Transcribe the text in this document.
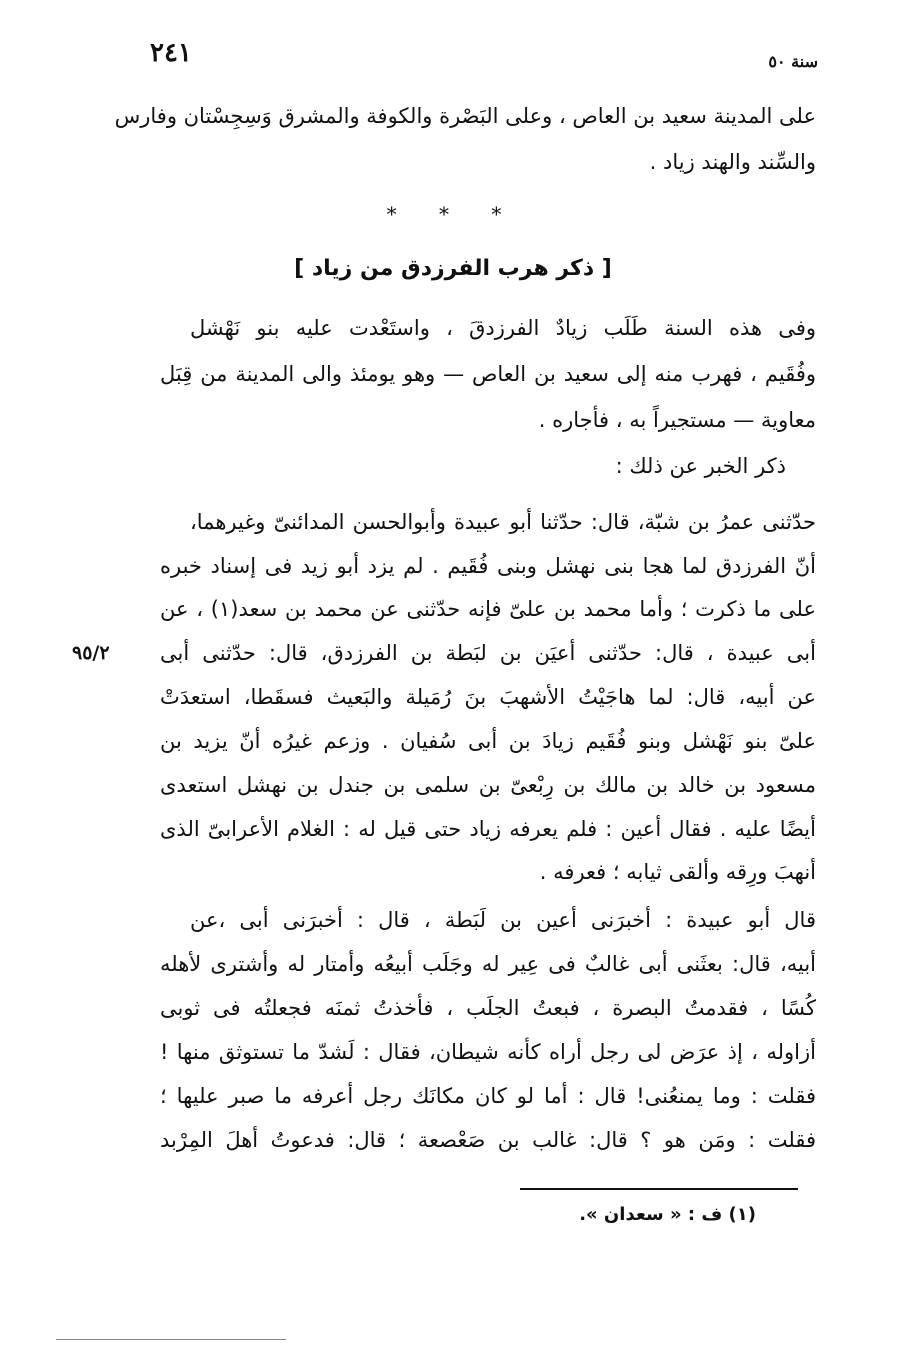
٢٤١	سنة ٥٠
على المدينة سعيد بن العاص ، وعلى البَصْرة والكوفة والمشرق وَسِجِسْتان وفارس
والسِّند والهند زياد .
* * *
[ ذكر هرب الفرزدق من زياد ]
وفى هذه السنة طَلَب زيادٌ الفرزدقَ ، واستَعْدت عليه بنو نَهْشل
وفُقَيم ، فهرب منه إلى سعيد بن العاص — وهو يومئذ والى المدينة من قِبَل
معاوية — مستجيراً به ، فأجاره .
ذكر الخبر عن ذلك :
حدّثنى عمرُ بن شبّة، قال: حدّثنا أبو عبيدة وأبوالحسن المدائنىّ وغيرهما،
أنّ الفرزدق لما هجا بنى نهشل وبنى فُقَيم . لم يزد أبو زيد فى إسناد خبره
على ما ذكرت ؛ وأما محمد بن علىّ فإنه حدّثنى عن محمد بن سعد(١) ، عن
٩٥/٢ أبى عبيدة ، قال: حدّثنى أعيَن بن لبَطة بن الفرزدق، قال: حدّثنى أبى
عن أبيه، قال: لما هاجَيْتُ الأشهبَ بنَ رُمَيلة والبَعيث فسقَطا، استعدَتْ
علىّ بنو نَهْشل وبنو فُقَيم زيادَ بن أبى سُفيان . وزعم غيرُه أنّ يزيد بن
مسعود بن خالد بن مالك بن رِبْعىّ بن سلمى بن جندل بن نهشل استعدى
أيضًا عليه . فقال أعين : فلم يعرفه زياد حتى قيل له : الغلام الأعرابىّ الذى
أنهبَ ورِقه وألقى ثيابه ؛ فعرفه .
قال أبو عبيدة : أخبرَنى أعين بن لَبَطة ، قال : أخبرَنى أبى ،عن
أبيه، قال: بعثَنى أبى غالبٌ فى عِير له وجَلَب أبيعُه وأمتار له وأشترى لأهله
كُسًا ، فقدمتُ البصرة ، فبعتُ الجلَب ، فأخذتُ ثمنَه فجعلتُه فى ثوبى
أزاوله ، إذ عرَض لى رجل أراه كأنه شيطان، فقال : لَشدّ ما تستوثق منها !
فقلت : وما يمنعُنى! قال : أما لو كان مكانَك رجل أعرفه ما صبر عليها ؛
فقلت : ومَن هو ؟ قال: غالب بن صَعْصعة ؛ قال: فدعوتُ أهلَ المِرْبد
(١) ف : « سعدان ».
